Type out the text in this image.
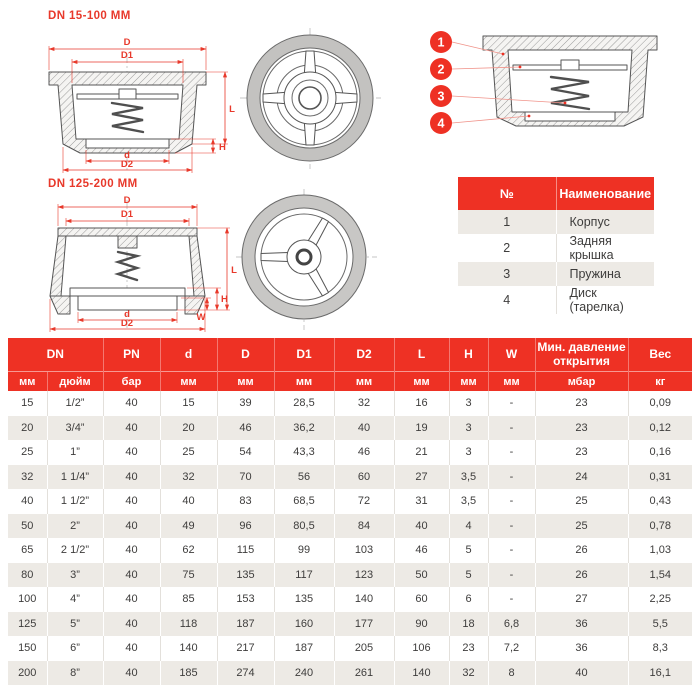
DN 15-100 MM
DN 125-200 MM
D
D1
L
H
d
D2
1
2
3
4
D
D1
L
H
W
d
D2
№	Наименование
1	Корпус
2	Задняя крышка
3	Пружина
4	Диск (тарелка)
DN		PN	d	D	D1	D2	L	H	W	Мин. давление открытия	Вес
мм	дюйм	бар	мм	мм	мм	мм	мм	мм	мм	мбар	кг
15	1/2”	40	15	39	28,5	32	16	3	-	23	0,09
20	3/4”	40	20	46	36,2	40	19	3	-	23	0,12
25	1”	40	25	54	43,3	46	21	3	-	23	0,16
32	1 1/4”	40	32	70	56	60	27	3,5	-	24	0,31
40	1 1/2”	40	40	83	68,5	72	31	3,5	-	25	0,43
50	2”	40	49	96	80,5	84	40	4	-	25	0,78
65	2 1/2”	40	62	115	99	103	46	5	-	26	1,03
80	3”	40	75	135	117	123	50	5	-	26	1,54
100	4”	40	85	153	135	140	60	6	-	27	2,25
125	5”	40	118	187	160	177	90	18	6,8	36	5,5
150	6”	40	140	217	187	205	106	23	7,2	36	8,3
200	8”	40	185	274	240	261	140	32	8	40	16,1
